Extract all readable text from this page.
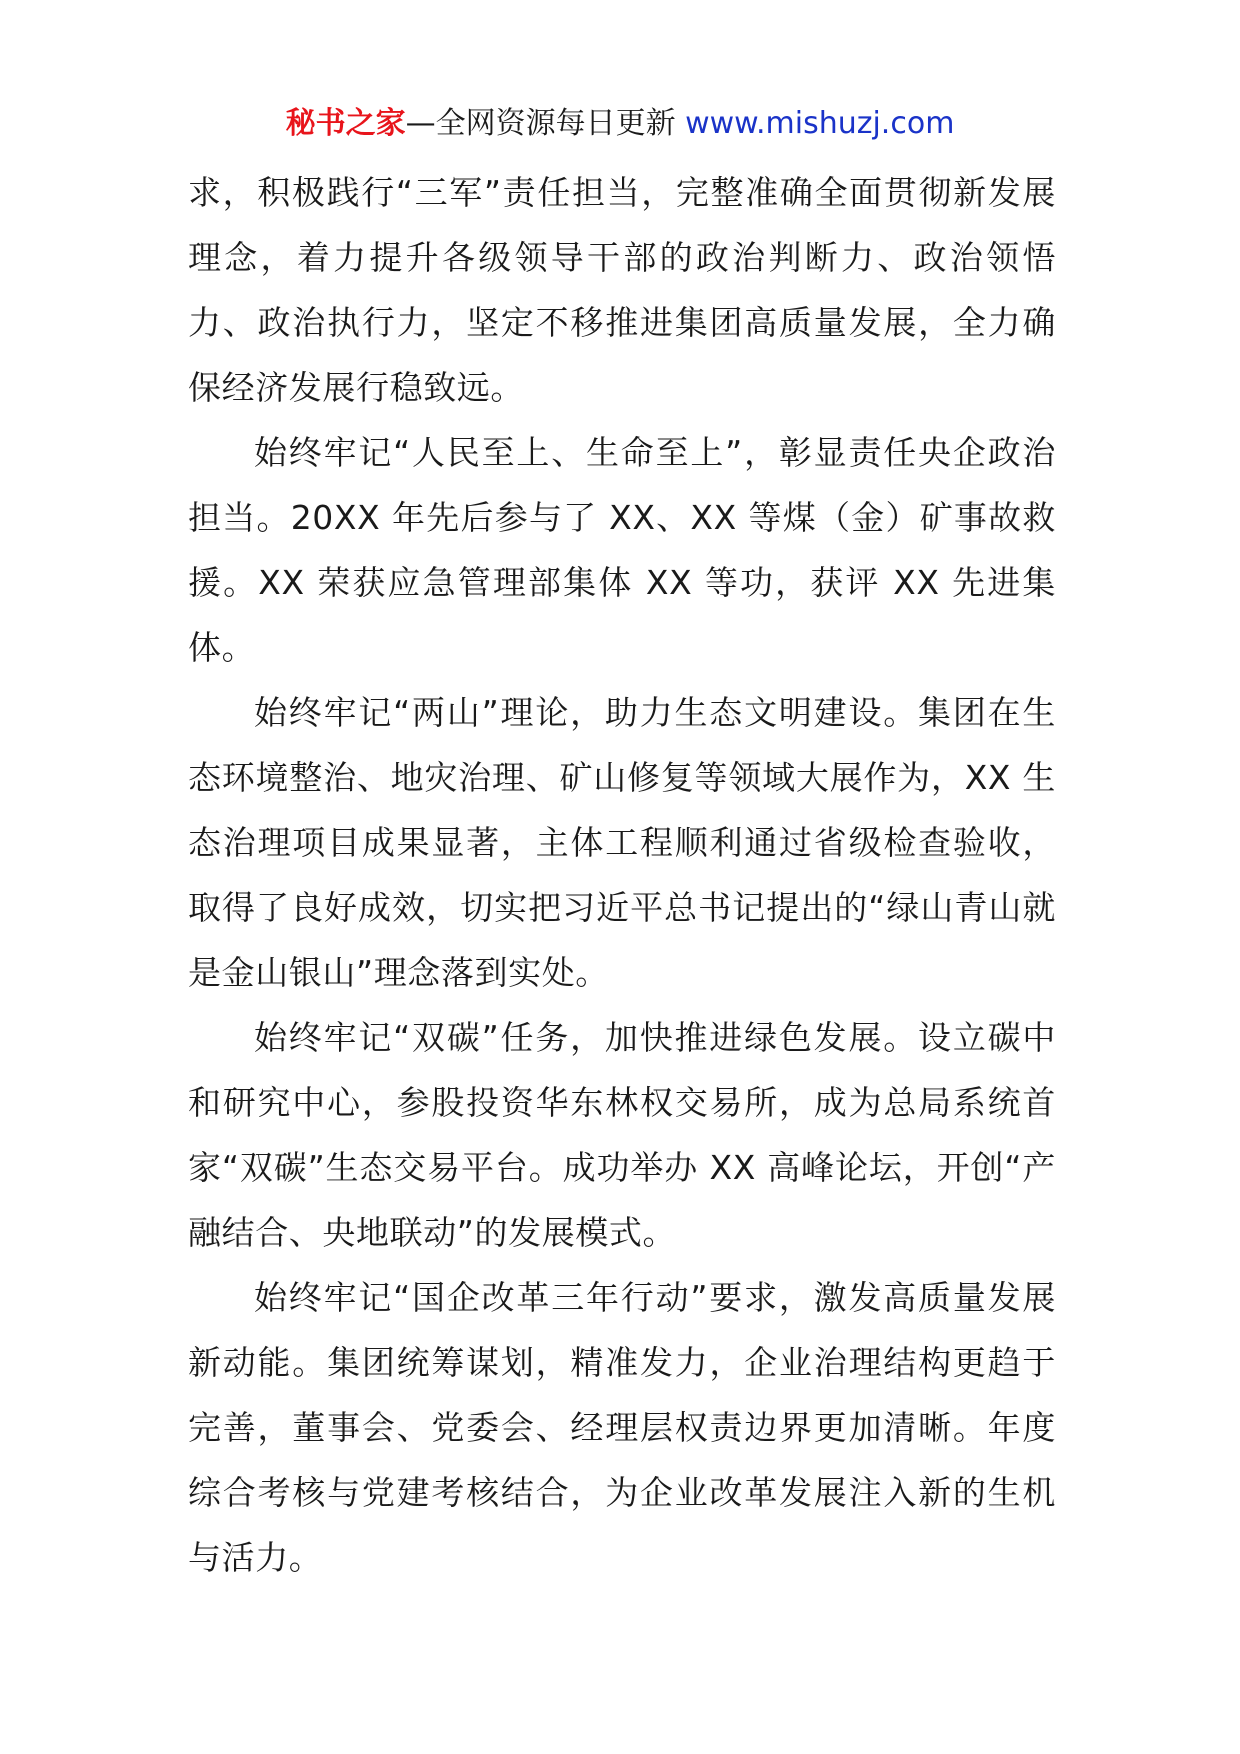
秘书之家—全网资源每日更新 www.mishuzj.com

求，积极践行“三军”责任担当，完整准确全面贯彻新发展理念，着力提升各级领导干部的政治判断力、政治领悟力、政治执行力，坚定不移推进集团高质量发展，全力确保经济发展行稳致远。

始终牢记“人民至上、生命至上”，彰显责任央企政治担当。20XX 年先后参与了 XX、XX 等煤（金）矿事故救援。XX 荣获应急管理部集体 XX 等功，获评 XX 先进集体。

始终牢记“两山”理论，助力生态文明建设。集团在生态环境整治、地灾治理、矿山修复等领域大展作为，XX 生态治理项目成果显著，主体工程顺利通过省级检查验收，取得了良好成效，切实把习近平总书记提出的“绿山青山就是金山银山”理念落到实处。

始终牢记“双碳”任务，加快推进绿色发展。设立碳中和研究中心，参股投资华东林权交易所，成为总局系统首家“双碳”生态交易平台。成功举办 XX 高峰论坛，开创“产融结合、央地联动”的发展模式。

始终牢记“国企改革三年行动”要求，激发高质量发展新动能。集团统筹谋划，精准发力，企业治理结构更趋于完善，董事会、党委会、经理层权责边界更加清晰。年度综合考核与党建考核结合，为企业改革发展注入新的生机与活力。
